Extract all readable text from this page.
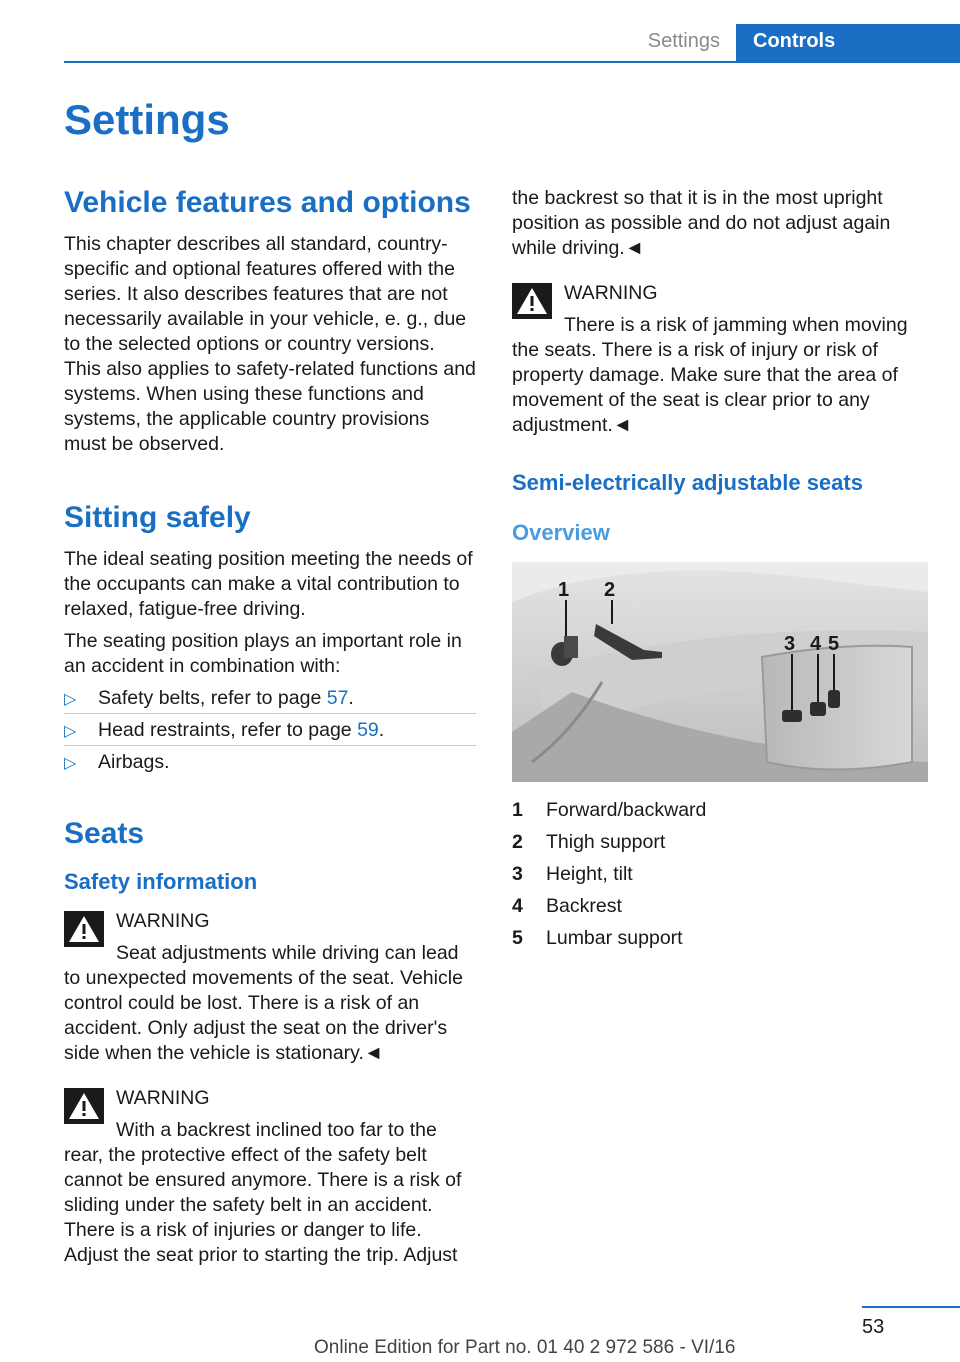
Settings	Controls
Settings
Vehicle features and options

This chapter describes all standard, country-specific and optional features offered with the series. It also describes features that are not necessarily available in your vehicle, e. g., due to the selected options or country versions. This also applies to safety-related functions and systems. When using these functions and systems, the applicable country provisions must be observed.

Sitting safely

The ideal seating position meeting the needs of the occupants can make a vital contribution to relaxed, fatigue-free driving.

The seating position plays an important role in an accident in combination with:

▷ Safety belts, refer to page 57.
▷ Head restraints, refer to page 59.
▷ Airbags.
Seats
Safety information
WARNING

Seat adjustments while driving can lead to unexpected movements of the seat. Vehicle control could be lost. There is a risk of an accident. Only adjust the seat on the driver's side when the vehicle is stationary.◄

WARNING

With a backrest inclined too far to the rear, the protective effect of the safety belt cannot be ensured anymore. There is a risk of sliding under the safety belt in an accident. There is a risk of injuries or danger to life. Adjust the seat prior to starting the trip. Adjust

the backrest so that it is in the most upright position as possible and do not adjust again while driving.◄

WARNING

There is a risk of jamming when moving the seats. There is a risk of injury or risk of property damage. Make sure that the area of movement of the seat is clear prior to any adjustment.◄

Semi-electrically adjustable seats
Overview
1 2
3 4 5
1	Forward/backward
2	Thigh support
3	Height, tilt
4	Backrest
5	Lumbar support
53
Online Edition for Part no. 01 40 2 972 586 - VI/16
